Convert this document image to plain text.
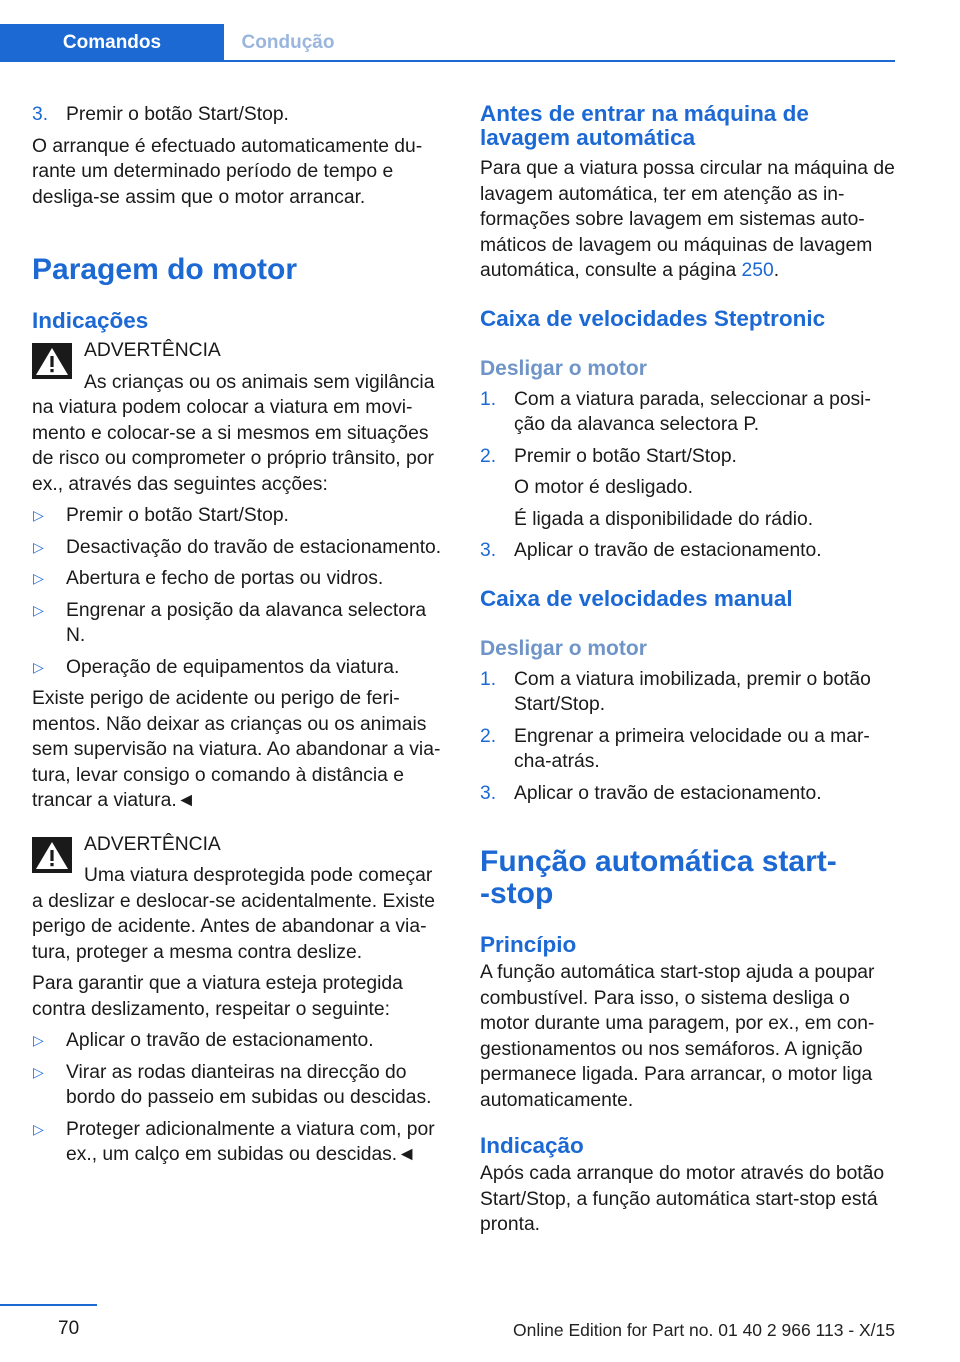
Comandos	Condução
3. Premir o botão Start/Stop.

O arranque é efectuado automaticamente durante um determinado período de tempo e desliga-se assim que o motor arrancar.

Paragem do motor
Indicações
ADVERTÊNCIA

As crianças ou os animais sem vigilância

na viatura podem colocar a viatura em movimento e colocar-se a si mesmos em situações de risco ou comprometer o próprio trânsito, por ex., através das seguintes acções:

▷ Premir o botão Start/Stop.
▷ Desactivação do travão de estacionamento.
▷ Abertura e fecho de portas ou vidros.
▷ Engrenar a posição da alavanca selectora N.
▷ Operação de equipamentos da viatura.

Existe perigo de acidente ou perigo de ferimentos. Não deixar as crianças ou os animais sem supervisão na viatura. Ao abandonar a viatura, levar consigo o comando à distância e trancar a viatura.◄

ADVERTÊNCIA

Uma viatura desprotegida pode começar

a deslizar e deslocar-se acidentalmente. Existe perigo de acidente. Antes de abandonar a viatura, proteger a mesma contra deslize.

Para garantir que a viatura esteja protegida contra deslizamento, respeitar o seguinte:

▷ Aplicar o travão de estacionamento.
▷ Virar as rodas dianteiras na direcção do bordo do passeio em subidas ou descidas.
▷ Proteger adicionalmente a viatura com, por ex., um calço em subidas ou descidas.◄
Antes de entrar na máquina de lavagem automática

Para que a viatura possa circular na máquina de lavagem automática, ter em atenção as informações sobre lavagem em sistemas automáticos de lavagem ou máquinas de lavagem automática, consulte a página 250.

Caixa de velocidades Steptronic
Desligar o motor
1. Com a viatura parada, seleccionar a posição da alavanca selectora P.
2. Premir o botão Start/Stop.
O motor é desligado.
É ligada a disponibilidade do rádio.
3. Aplicar o travão de estacionamento.
Caixa de velocidades manual
Desligar o motor
1. Com a viatura imobilizada, premir o botão Start/Stop.
2. Engrenar a primeira velocidade ou a marcha-atrás.
3. Aplicar o travão de estacionamento.
Função automática start-
-stop
Princípio

A função automática start-stop ajuda a poupar combustível. Para isso, o sistema desliga o motor durante uma paragem, por ex., em congestionamentos ou nos semáforos. A ignição permanece ligada. Para arrancar, o motor liga automaticamente.

Indicação

Após cada arranque do motor através do botão Start/Stop, a função automática start-stop está pronta.

70	Online Edition for Part no. 01 40 2 966 113 - X/15
